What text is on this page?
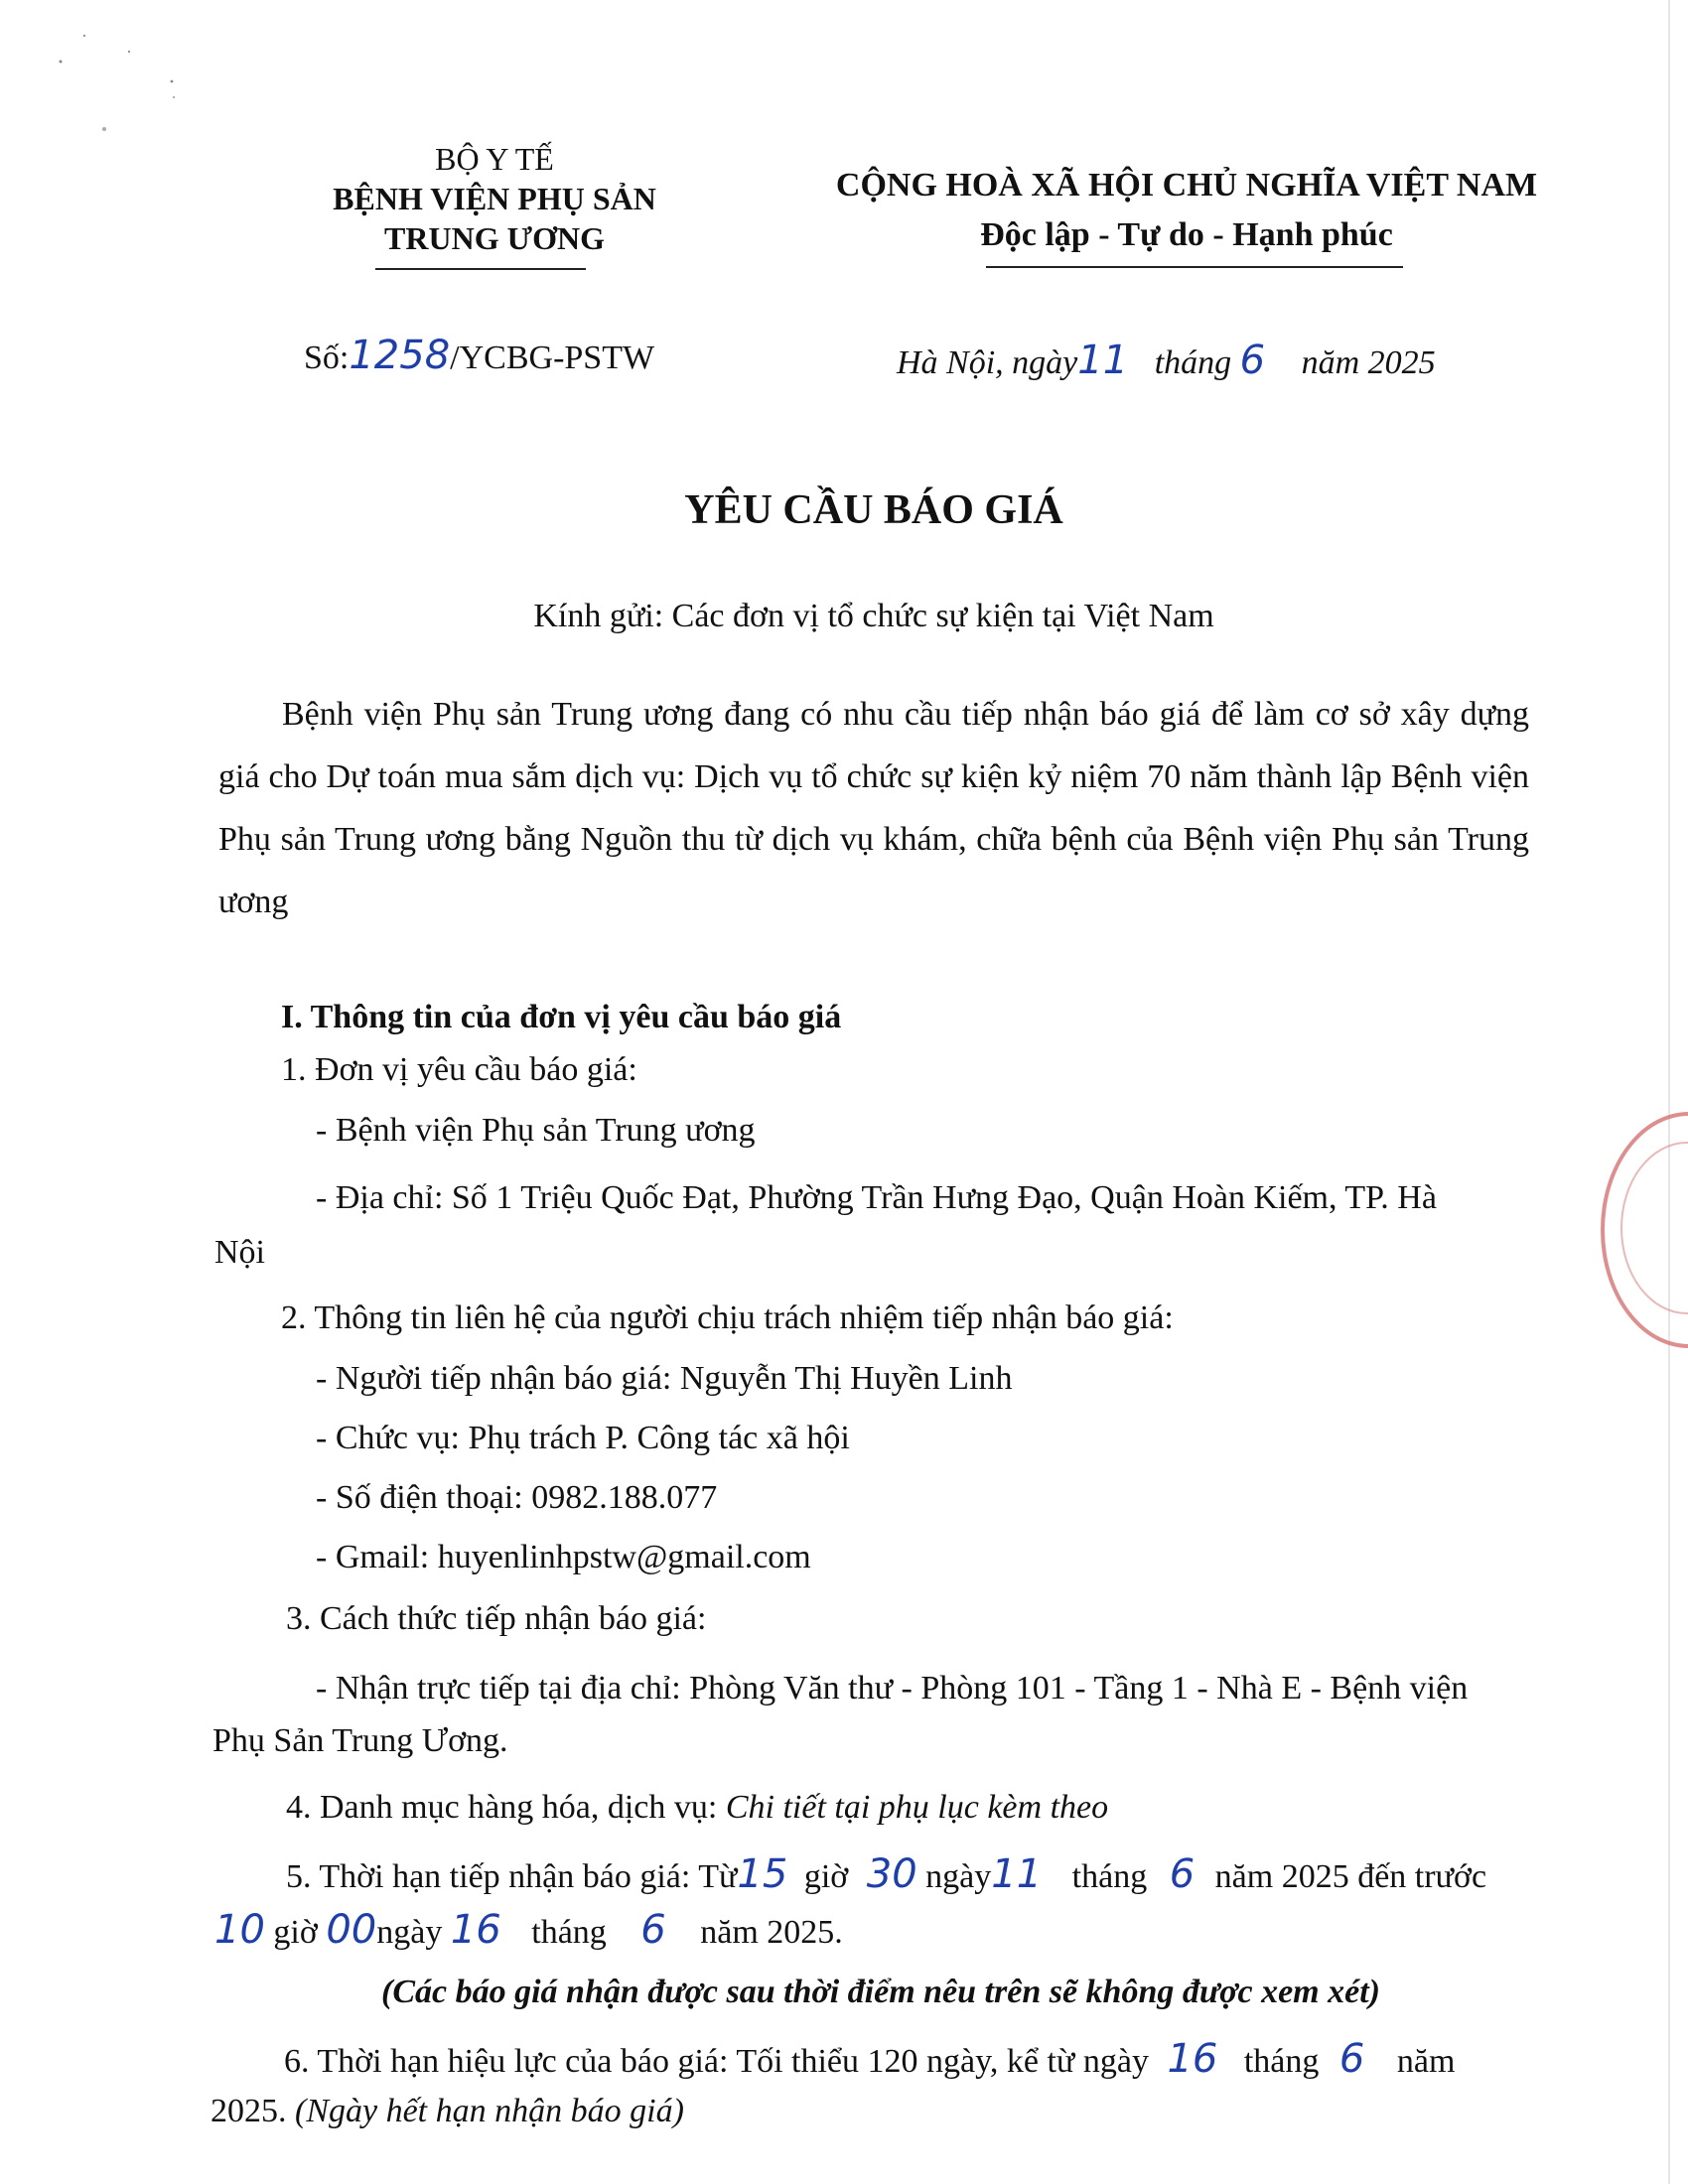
BỘ Y TẾ
BỆNH VIỆN PHỤ SẢN
TRUNG ƯƠNG
CỘNG HOÀ XÃ HỘI CHỦ NGHĨA VIỆT NAM
Độc lập - Tự do - Hạnh phúc
Số:1258/YCBG-PSTW	Hà Nội, ngày11 tháng 6 năm 2025
YÊU CẦU BÁO GIÁ
Kính gửi: Các đơn vị tổ chức sự kiện tại Việt Nam
Bệnh viện Phụ sản Trung ương đang có nhu cầu tiếp nhận báo giá để làm cơ sở xây dựng giá cho Dự toán mua sắm dịch vụ: Dịch vụ tổ chức sự kiện kỷ niệm 70 năm thành lập Bệnh viện Phụ sản Trung ương bằng Nguồn thu từ dịch vụ khám, chữa bệnh của Bệnh viện Phụ sản Trung ương
I. Thông tin của đơn vị yêu cầu báo giá
1. Đơn vị yêu cầu báo giá:
- Bệnh viện Phụ sản Trung ương
- Địa chỉ: Số 1 Triệu Quốc Đạt, Phường Trần Hưng Đạo, Quận Hoàn Kiếm, TP. Hà
Nội
2. Thông tin liên hệ của người chịu trách nhiệm tiếp nhận báo giá:
- Người tiếp nhận báo giá: Nguyễn Thị Huyền Linh
- Chức vụ: Phụ trách P. Công tác xã hội
- Số điện thoại: 0982.188.077
- Gmail: huyenlinhpstw@gmail.com
3. Cách thức tiếp nhận báo giá:
- Nhận trực tiếp tại địa chỉ: Phòng Văn thư - Phòng 101 - Tầng 1 - Nhà E - Bệnh viện
Phụ Sản Trung Ương.
4. Danh mục hàng hóa, dịch vụ: Chi tiết tại phụ lục kèm theo
5. Thời hạn tiếp nhận báo giá: Từ15 giờ 30 ngày11 tháng 6 năm 2025 đến trước
10 giờ 00ngày 16 tháng 6 năm 2025.
(Các báo giá nhận được sau thời điểm nêu trên sẽ không được xem xét)
6. Thời hạn hiệu lực của báo giá: Tối thiểu 120 ngày, kể từ ngày 16 tháng 6 năm
2025. (Ngày hết hạn nhận báo giá)
